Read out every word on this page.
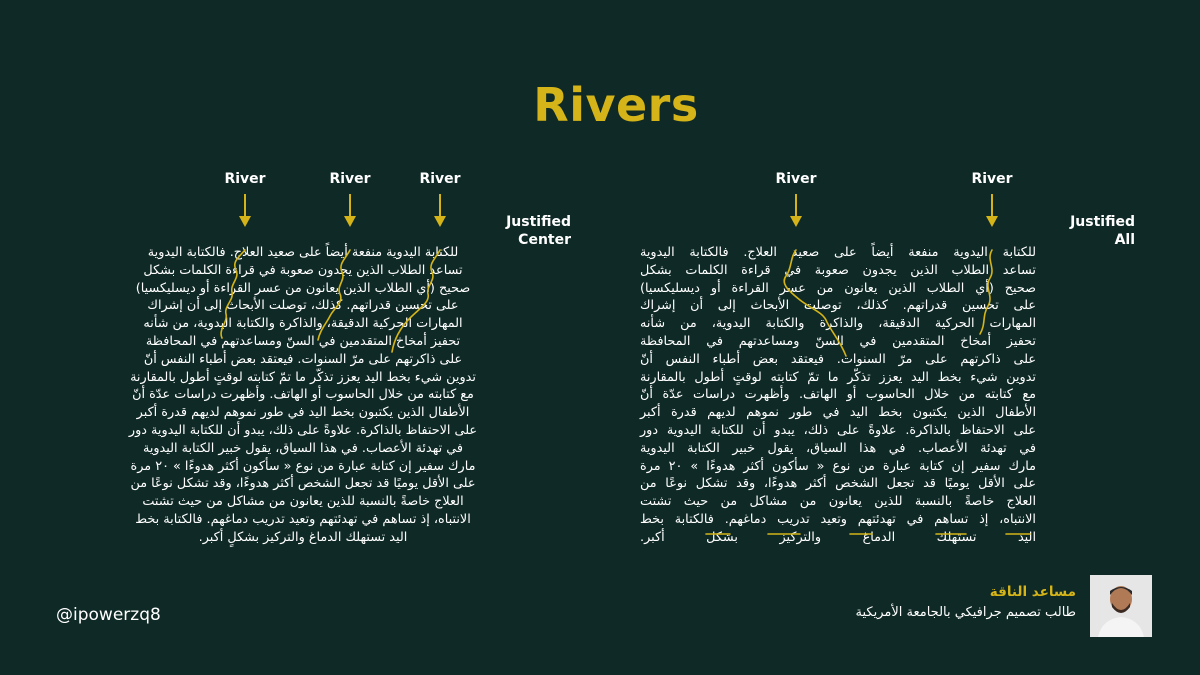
Rivers
River	River	River	River	River
Justified
Center
Justified
All
للكتابة اليدوية منفعة أيضاً على صعيد العلاج. فالكتابة اليدوية
تساعد الطلاب الذين يجدون صعوبة في قراءة الكلمات بشكل
صحيح (أي الطلاب الذين يعانون من عسر القراءة أو ديسليكسيا)
على تحسين قدراتهم. كذلك، توصلت الأبحاث إلى أن إشراك
المهارات الحركية الدقيقة، والذاكرة والكتابة اليدوية، من شأنه
تحفيز أمخاخ المتقدمين في السنّ ومساعدتهم في المحافظة
على ذاكرتهم على مرّ السنوات. فيعتقد بعض أطباء النفس أنّ
تدوين شيء بخط اليد يعزز تذكّر ما تمّ كتابته لوقتٍ أطول بالمقارنة
مع كتابته من خلال الحاسوب أو الهاتف. وأظهرت دراسات عدّة أنّ
الأطفال الذين يكتبون بخط اليد في طور نموهم لديهم قدرة أكبر
على الاحتفاظ بالذاكرة. علاوةً على ذلك، يبدو أن للكتابة اليدوية دور
في تهدئة الأعصاب. في هذا السياق، يقول خبير الكتابة اليدوية
مارك سفير إن كتابة عبارة من نوع « سأكون أكثر هدوءًا » ٢٠ مرة
على الأقل يوميًا قد تجعل الشخص أكثر هدوءًا، وقد تشكل نوعًا من
العلاج خاصةً بالنسبة للذين يعانون من مشاكل من حيث تشتت
الانتباه، إذ تساهم في تهدئتهم وتعيد تدريب دماغهم. فالكتابة بخط
اليد تستهلك الدماغ والتركيز بشكلٍ أكبر.
للكتابة اليدوية منفعة أيضاً على صعيد العلاج. فالكتابة اليدوية
تساعد الطلاب الذين يجدون صعوبة في قراءة الكلمات بشكل
صحيح (أي الطلاب الذين يعانون من عسر القراءة أو ديسليكسيا)
على تحسين قدراتهم. كذلك، توصلت الأبحاث إلى أن إشراك
المهارات الحركية الدقيقة، والذاكرة والكتابة اليدوية، من شأنه
تحفيز أمخاخ المتقدمين في السنّ ومساعدتهم في المحافظة
على ذاكرتهم على مرّ السنوات. فيعتقد بعض أطباء النفس أنّ
تدوين شيء بخط اليد يعزز تذكّر ما تمّ كتابته لوقتٍ أطول بالمقارنة
مع كتابته من خلال الحاسوب أو الهاتف. وأظهرت دراسات عدّة أنّ
الأطفال الذين يكتبون بخط اليد في طور نموهم لديهم قدرة أكبر
على الاحتفاظ بالذاكرة. علاوةً على ذلك، يبدو أن للكتابة اليدوية دور
في تهدئة الأعصاب. في هذا السياق، يقول خبير الكتابة اليدوية
مارك سفير إن كتابة عبارة من نوع « سأكون أكثر هدوءًا » ٢٠ مرة
على الأقل يوميًا قد تجعل الشخص أكثر هدوءًا، وقد تشكل نوعًا من
العلاج خاصةً بالنسبة للذين يعانون من مشاكل من حيث تشتت
الانتباه، إذ تساهم في تهدئتهم وتعيد تدريب دماغهم. فالكتابة بخط
اليد تستهلك الدماغ والتركيز بشكل أكبر.
@ipowerzq8
مساعد الناقة
طالب تصميم جرافيكي بالجامعة الأمريكية
